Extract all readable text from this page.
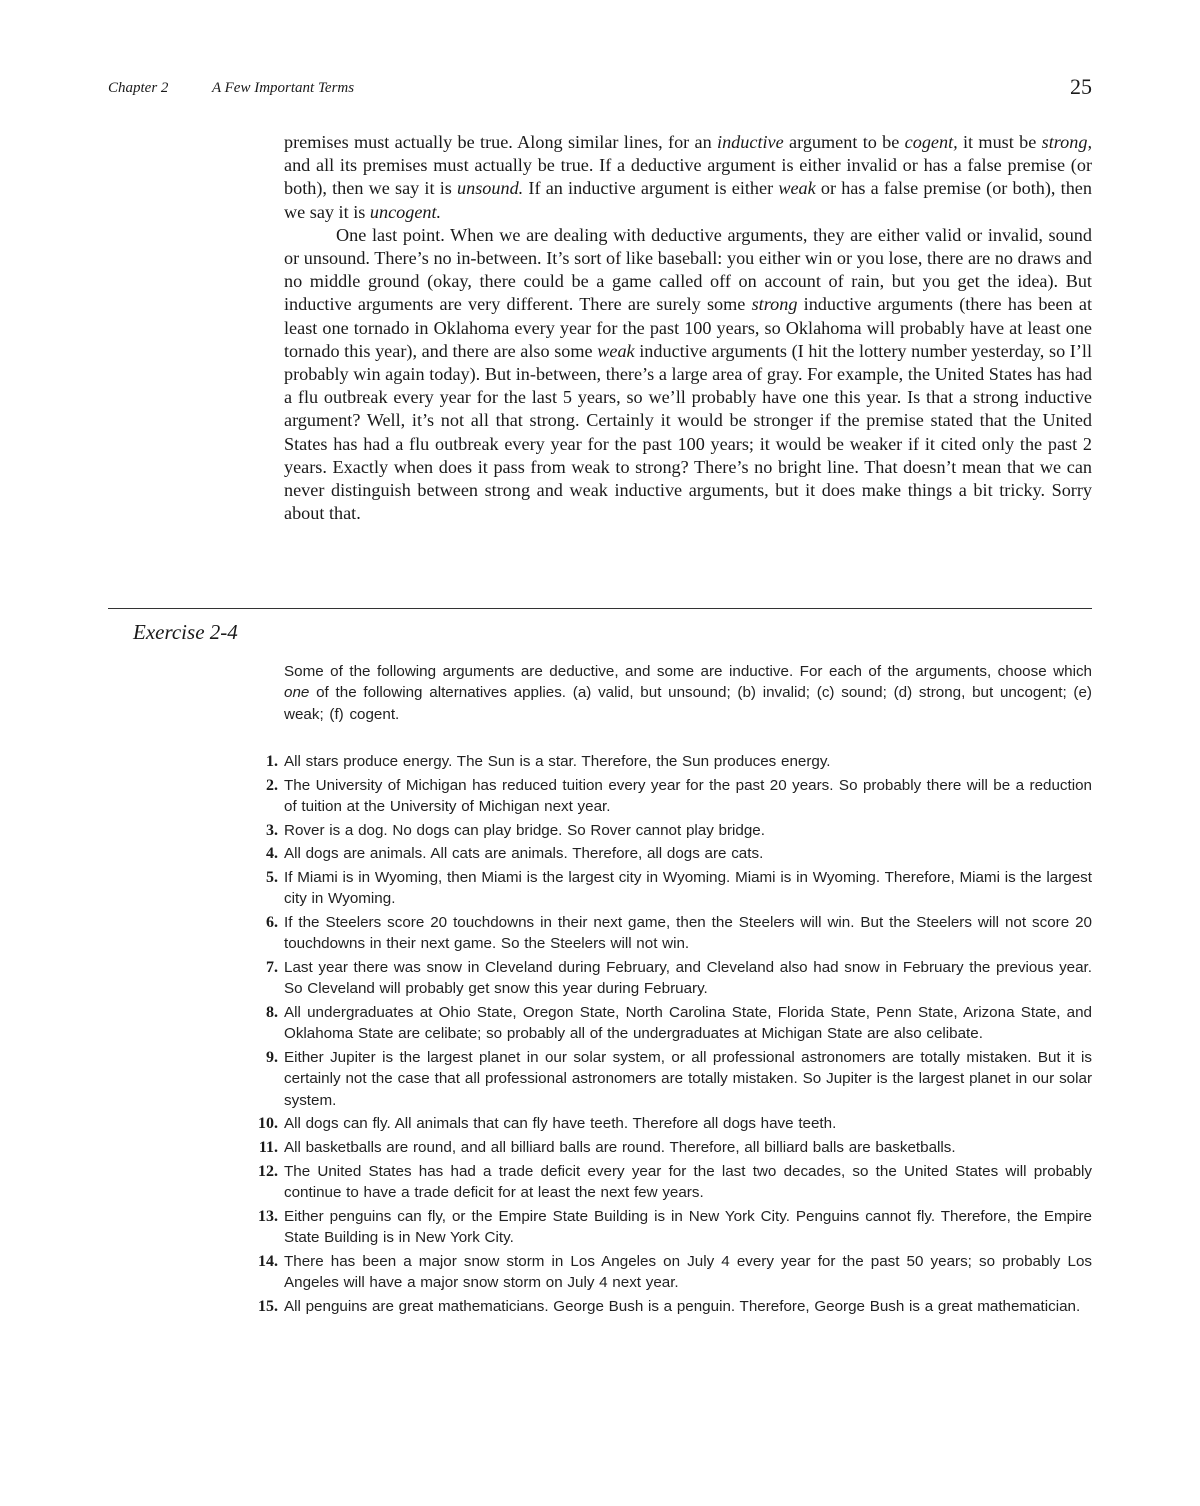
Chapter 2	A Few Important Terms	25

premises must actually be true. Along similar lines, for an inductive argument to be cogent, it must be strong, and all its premises must actually be true. If a deductive argument is either invalid or has a false premise (or both), then we say it is unsound. If an inductive argument is either weak or has a false premise (or both), then we say it is uncogent.

One last point. When we are dealing with deductive arguments, they are either valid or invalid, sound or unsound. There’s no in-between. It’s sort of like baseball: you either win or you lose, there are no draws and no middle ground (okay, there could be a game called off on account of rain, but you get the idea). But inductive arguments are very different. There are surely some strong inductive arguments (there has been at least one tornado in Oklahoma every year for the past 100 years, so Oklahoma will probably have at least one tornado this year), and there are also some weak inductive arguments (I hit the lottery number yesterday, so I’ll probably win again today). But in-between, there’s a large area of gray. For example, the United States has had a flu outbreak every year for the last 5 years, so we’ll probably have one this year. Is that a strong inductive argument? Well, it’s not all that strong. Certainly it would be stronger if the premise stated that the United States has had a flu outbreak every year for the past 100 years; it would be weaker if it cited only the past 2 years. Exactly when does it pass from weak to strong? There’s no bright line. That doesn’t mean that we can never distinguish between strong and weak inductive arguments, but it does make things a bit tricky. Sorry about that.

Exercise 2-4
Some of the following arguments are deductive, and some are inductive. For each of the arguments, choose which one of the following alternatives applies. (a) valid, but unsound; (b) invalid; (c) sound; (d) strong, but uncogent; (e) weak; (f) cogent.
1. All stars produce energy. The Sun is a star. Therefore, the Sun produces energy.
2. The University of Michigan has reduced tuition every year for the past 20 years. So probably there will be a reduction of tuition at the University of Michigan next year.
3. Rover is a dog. No dogs can play bridge. So Rover cannot play bridge.
4. All dogs are animals. All cats are animals. Therefore, all dogs are cats.
5. If Miami is in Wyoming, then Miami is the largest city in Wyoming. Miami is in Wyoming. Therefore, Miami is the largest city in Wyoming.
6. If the Steelers score 20 touchdowns in their next game, then the Steelers will win. But the Steelers will not score 20 touchdowns in their next game. So the Steelers will not win.
7. Last year there was snow in Cleveland during February, and Cleveland also had snow in February the previous year. So Cleveland will probably get snow this year during February.
8. All undergraduates at Ohio State, Oregon State, North Carolina State, Florida State, Penn State, Arizona State, and Oklahoma State are celibate; so probably all of the undergraduates at Michigan State are also celibate.
9. Either Jupiter is the largest planet in our solar system, or all professional astronomers are totally mistaken. But it is certainly not the case that all professional astronomers are totally mistaken. So Jupiter is the largest planet in our solar system.
10. All dogs can fly. All animals that can fly have teeth. Therefore all dogs have teeth.
11. All basketballs are round, and all billiard balls are round. Therefore, all billiard balls are basketballs.
12. The United States has had a trade deficit every year for the last two decades, so the United States will probably continue to have a trade deficit for at least the next few years.
13. Either penguins can fly, or the Empire State Building is in New York City. Penguins cannot fly. Therefore, the Empire State Building is in New York City.
14. There has been a major snow storm in Los Angeles on July 4 every year for the past 50 years; so probably Los Angeles will have a major snow storm on July 4 next year.
15. All penguins are great mathematicians. George Bush is a penguin. Therefore, George Bush is a great mathematician.
